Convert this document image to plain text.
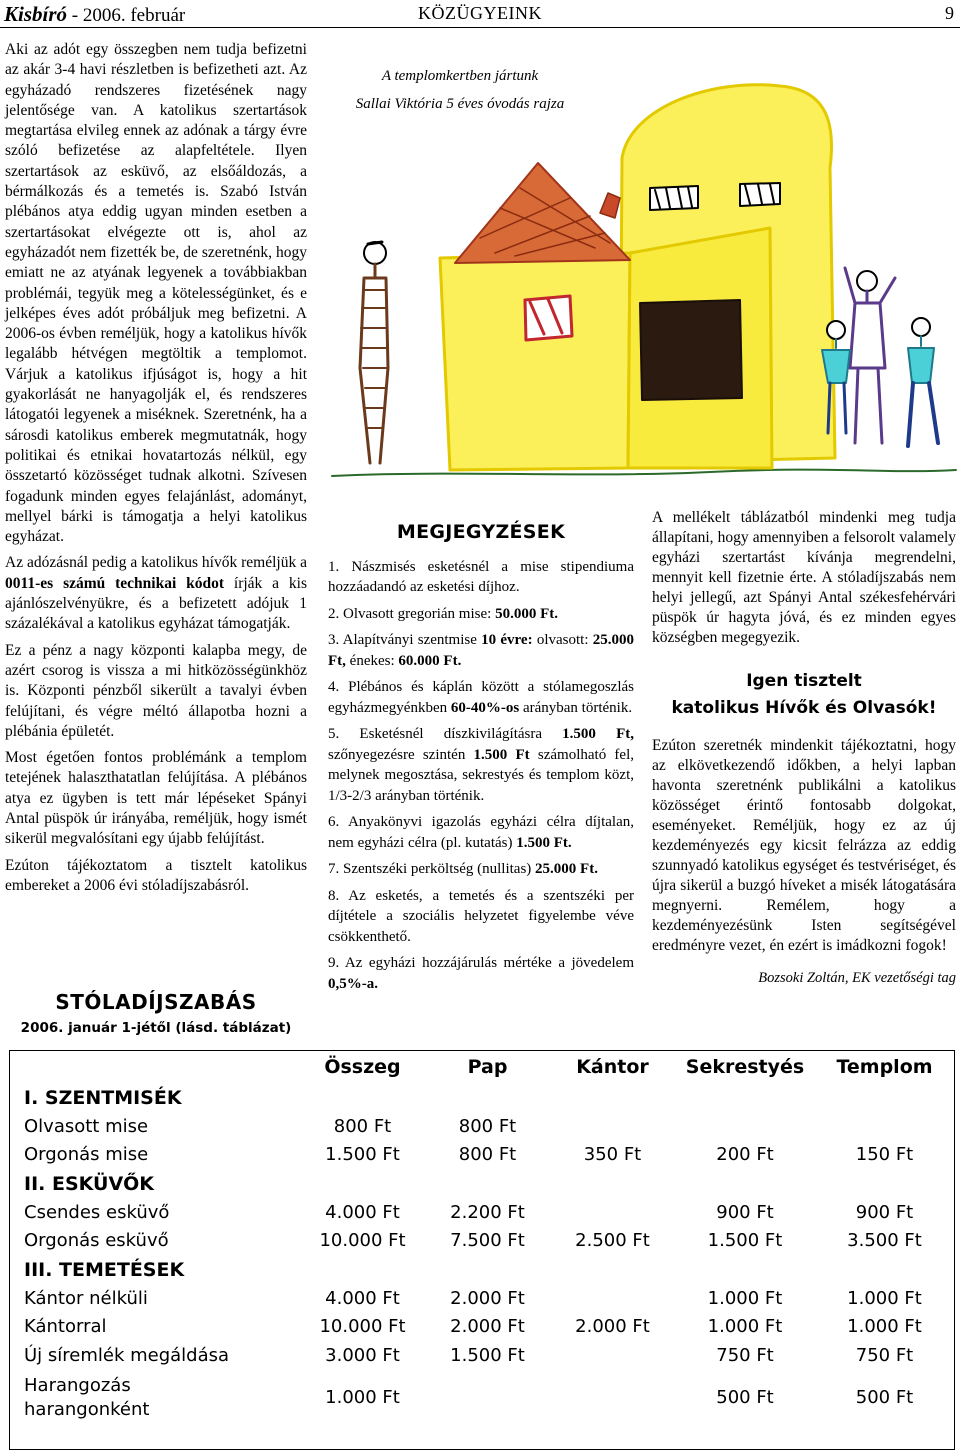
Kisbíró - 2006. február	KÖZÜGYEINK	9

Aki az adót egy összegben nem tudja befizetni az akár 3-4 havi részletben is befizetheti azt. Az egyházadó rendszeres fizetésének nagy jelentősége van. A katolikus szertartások megtartása elvileg ennek az adónak a tárgy évre szóló befizetése az alapfeltétele. Ilyen szertartások az esküvő, az elsőáldozás, a bérmálkozás és a temetés is. Szabó István plébános atya eddig ugyan minden esetben a szertartásokat elvégezte ott is, ahol az egyházadót nem fizették be, de szeretnénk, hogy emiatt ne az atyának legyenek a továbbiakban problémái, tegyük meg a kötelességünket, és e jelképes éves adót próbáljuk meg befizetni. A 2006-os évben reméljük, hogy a katolikus hívők legalább hétvégen megtöltik a templomot. Várjuk a katolikus ifjúságot is, hogy a hit gyakorlását ne hanyagolják el, és rendszeres látogatói legyenek a miséknek. Szeretnénk, ha a sárosdi katolikus emberek megmutatnák, hogy politikai és etnikai hovatartozás nélkül, egy összetartó közösséget tudnak alkotni. Szívesen fogadunk minden egyes felajánlást, adományt, mellyel bárki is támogatja a helyi katolikus egyházat.

Az adózásnál pedig a katolikus hívők reméljük a 0011-es számú technikai kódot írják a kis ajánlószelvényükre, és a befizetett adójuk 1 százalékával a katolikus egyházat támogatják.

Ez a pénz a nagy központi kalapba megy, de azért csorog is vissza a mi hitközösségünkhöz is. Központi pénzből sikerült a tavalyi évben felújítani, és végre méltó állapotba hozni a plébánia épületét.

Most égetően fontos problémánk a templom tetejének halaszthatatlan felújítása. A plébános atya ez ügyben is tett már lépéseket Spányi Antal püspök úr irányába, reméljük, hogy ismét sikerül megvalósítani egy újabb felújítást.

Ezúton tájékoztatom a tisztelt katolikus embereket a 2006 évi stóladíjszabásról.

STÓLADÍJSZABÁS
2006. január 1-jétől (lásd. táblázat)
A templomkertben jártunk
Sallai Viktória 5 éves óvodás rajza
MEGJEGYZÉSEK
1. Nászmisés esketésnél a mise stipendiuma hozzáadandó az esketési díjhoz.
2. Olvasott gregorián mise: 50.000 Ft.
3. Alapítványi szentmise 10 évre: olvasott: 25.000 Ft, énekes: 60.000 Ft.
4. Plébános és káplán között a stólamegoszlás egyházmegyénkben 60-40%-os arányban történik.
5. Esketésnél díszkivilágításra 1.500 Ft, szőnyegezésre szintén 1.500 Ft számolható fel, melynek megosztása, sekrestyés és templom közt, 1/3-2/3 arányban történik.
6. Anyakönyvi igazolás egyházi célra díjtalan, nem egyházi célra (pl. kutatás) 1.500 Ft.
7. Szentszéki perköltség (nullitas) 25.000 Ft.
8. Az esketés, a temetés és a szentszéki per díjtétele a szociális helyzetet figyelembe véve csökkenthető.
9. Az egyházi hozzájárulás mértéke a jövedelem 0,5%-a.

A mellékelt táblázatból mindenki meg tudja állapítani, hogy amennyiben a felsorolt valamely egyházi szertartást kívánja megrendelni, mennyit kell fizetnie érte. A stóladíjszabás nem helyi jellegű, azt Spányi Antal székesfehérvári püspök úr hagyta jóvá, és ez minden egyes községben megegyezik.

Igen tisztelt
katolikus Hívők és Olvasók!

Ezúton szeretnék mindenkit tájékoztatni, hogy az elkövetkezendő időkben, a helyi lapban havonta szeretnénk publikálni a katolikus közösséget érintő fontosabb dolgokat, eseményeket. Reméljük, hogy ez az új kezdeményezés egy kicsit felrázza az eddig szunnyadó katolikus egységet és testvériséget, és újra sikerül a buzgó híveket a misék látogatására megnyerni. Remélem, hogy a kezdeményezésünk Isten segítségével eredményre vezet, én ezért is imádkozni fogok!

Bozsoki Zoltán, EK vezetőségi tag

	Összeg	Pap	Kántor	Sekrestyés	Templom
I. SZENTMISÉK					
Olvasott mise	800 Ft	800 Ft			
Orgonás mise	1.500 Ft	800 Ft	350 Ft	200 Ft	150 Ft
II. ESKÜVŐK					
Csendes esküvő	4.000 Ft	2.200 Ft		900 Ft	900 Ft
Orgonás esküvő	10.000 Ft	7.500 Ft	2.500 Ft	1.500 Ft	3.500 Ft
III. TEMETÉSEK					
Kántor nélküli	4.000 Ft	2.000 Ft		1.000 Ft	1.000 Ft
Kántorral	10.000 Ft	2.000 Ft	2.000 Ft	1.000 Ft	1.000 Ft
Új síremlék megáldása	3.000 Ft	1.500 Ft		750 Ft	750 Ft

Harangozás
harangonként	1.000 Ft			500 Ft	500 Ft
